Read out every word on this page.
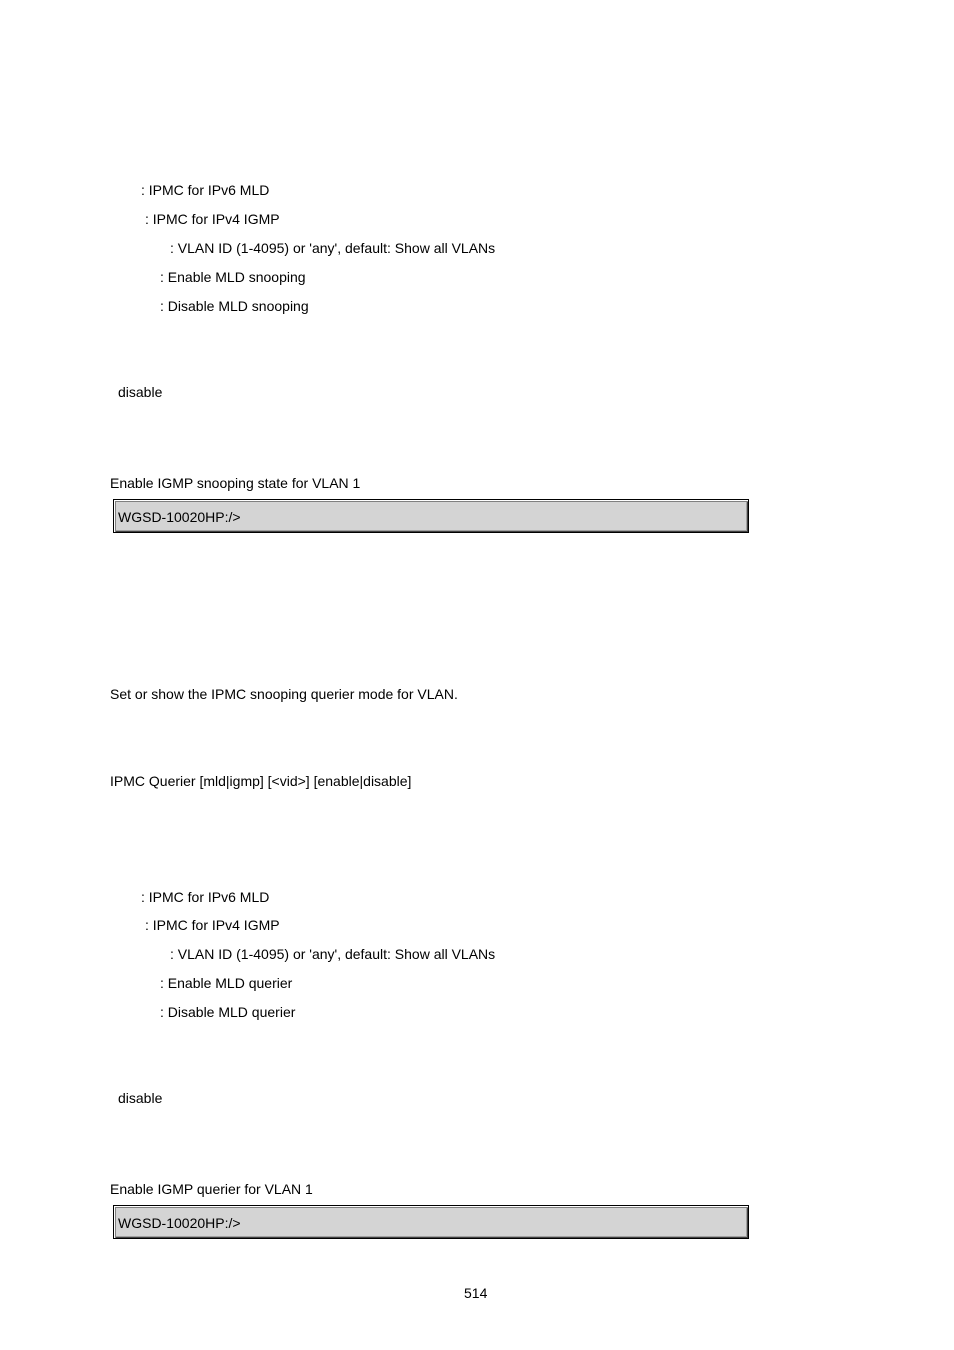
: IPMC for IPv6 MLD
: IPMC for IPv4 IGMP
: VLAN ID (1-4095) or 'any', default: Show all VLANs
: Enable MLD snooping
: Disable MLD snooping
disable
Enable IGMP snooping state for VLAN 1
WGSD-10020HP:/>
Set or show the IPMC snooping querier mode for VLAN.
IPMC Querier [mld|igmp] [<vid>] [enable|disable]
: IPMC for IPv6 MLD
: IPMC for IPv4 IGMP
: VLAN ID (1-4095) or 'any', default: Show all VLANs
: Enable MLD querier
: Disable MLD querier
disable
Enable IGMP querier for VLAN 1
WGSD-10020HP:/>
514
